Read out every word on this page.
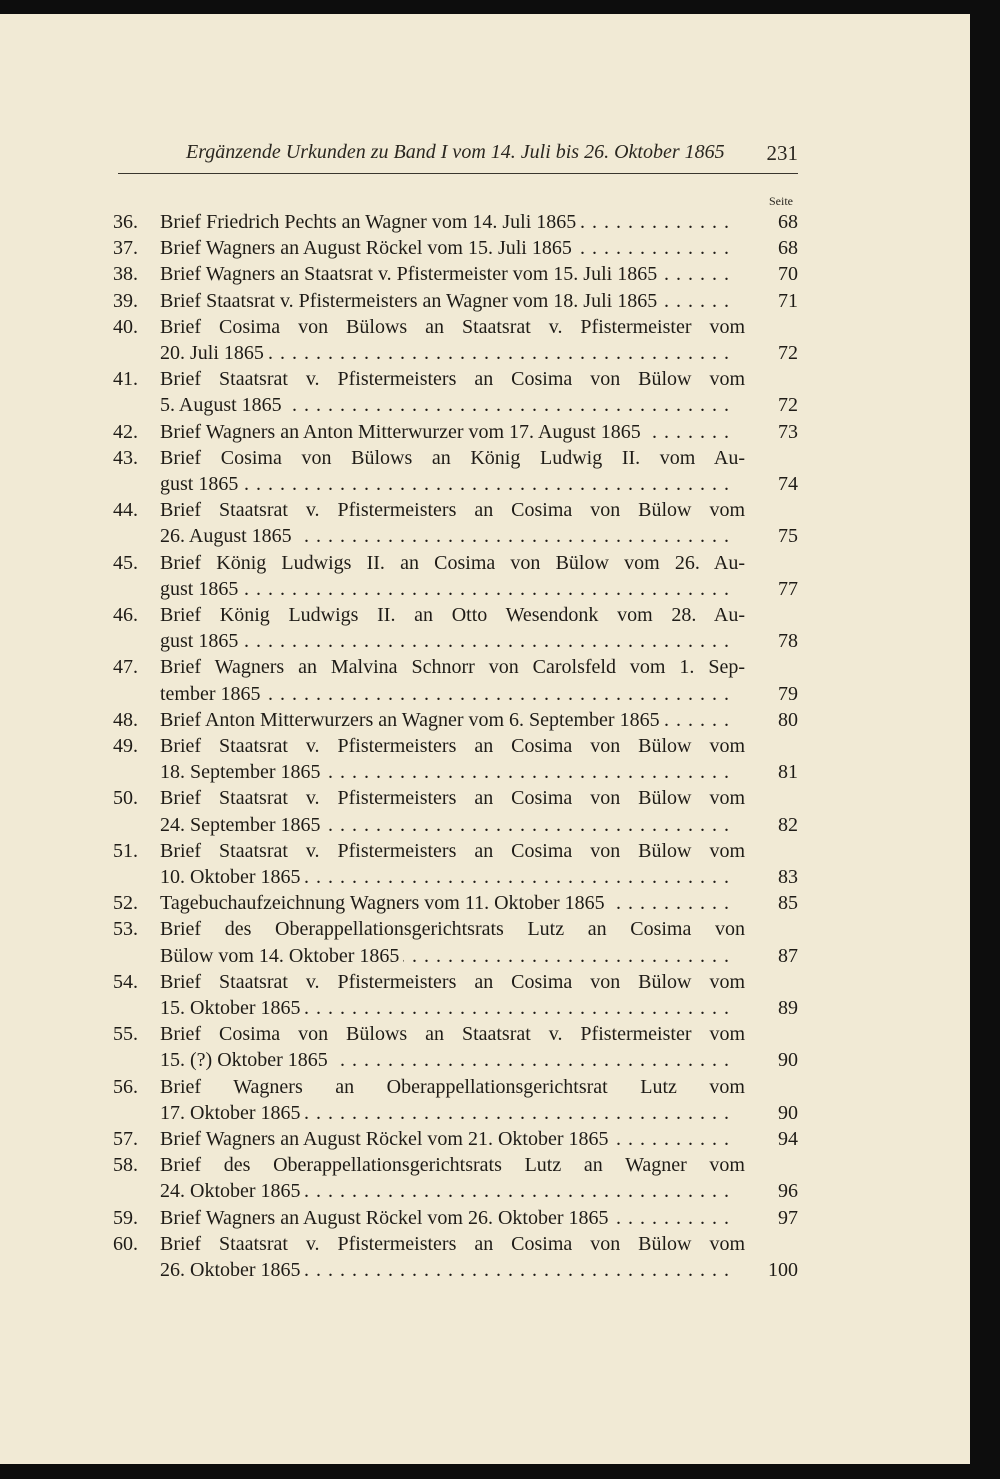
Ergänzende Urkunden zu Band I vom 14. Juli bis 26. Oktober 1865 231
Seite
36.	Brief Friedrich Pechts an Wagner vom 14. Juli 1865 . . .	68
37.	Brief Wagners an August Röckel vom 15. Juli 1865 . . .	68
38.	Brief Wagners an Staatsrat v. Pfistermeister vom 15. Juli 1865 . . .	70
39.	Brief Staatsrat v. Pfistermeisters an Wagner vom 18. Juli 1865 . . .	71
40.	Brief Cosima von Bülows an Staatsrat v. Pfistermeister vom
20. Juli 1865 . . .	72
41.	Brief Staatsrat v. Pfistermeisters an Cosima von Bülow vom
5. August 1865 . . .	72
42.	Brief Wagners an Anton Mitterwurzer vom 17. August 1865 . . .	73
43.	Brief Cosima von Bülows an König Ludwig II. vom Au-
gust 1865 . . .	74
44.	Brief Staatsrat v. Pfistermeisters an Cosima von Bülow vom
26. August 1865 . . .	75
45.	Brief König Ludwigs II. an Cosima von Bülow vom 26. Au-
gust 1865 . . .	77
46.	Brief König Ludwigs II. an Otto Wesendonk vom 28. Au-
gust 1865 . . .	78
47.	Brief Wagners an Malvina Schnorr von Carolsfeld vom 1. Sep-
tember 1865 . . .	79
48.	Brief Anton Mitterwurzers an Wagner vom 6. September 1865 . . .	80
49.	Brief Staatsrat v. Pfistermeisters an Cosima von Bülow vom
18. September 1865 . . .	81
50.	Brief Staatsrat v. Pfistermeisters an Cosima von Bülow vom
24. September 1865 . . .	82
51.	Brief Staatsrat v. Pfistermeisters an Cosima von Bülow vom
10. Oktober 1865 . . .	83
52.	Tagebuchaufzeichnung Wagners vom 11. Oktober 1865 . . .	85
53.	Brief des Oberappellationsgerichtsrats Lutz an Cosima von
Bülow vom 14. Oktober 1865 . . .	87
54.	Brief Staatsrat v. Pfistermeisters an Cosima von Bülow vom
15. Oktober 1865 . . .	89
55.	Brief Cosima von Bülows an Staatsrat v. Pfistermeister vom
15. (?) Oktober 1865 . . .	90
56.	Brief Wagners an Oberappellationsgerichtsrat Lutz vom
17. Oktober 1865 . . .	90
57.	Brief Wagners an August Röckel vom 21. Oktober 1865 . . .	94
58.	Brief des Oberappellationsgerichtsrats Lutz an Wagner vom
24. Oktober 1865 . . .	96
59.	Brief Wagners an August Röckel vom 26. Oktober 1865 . . .	97
60.	Brief Staatsrat v. Pfistermeisters an Cosima von Bülow vom
26. Oktober 1865 . . .	100
